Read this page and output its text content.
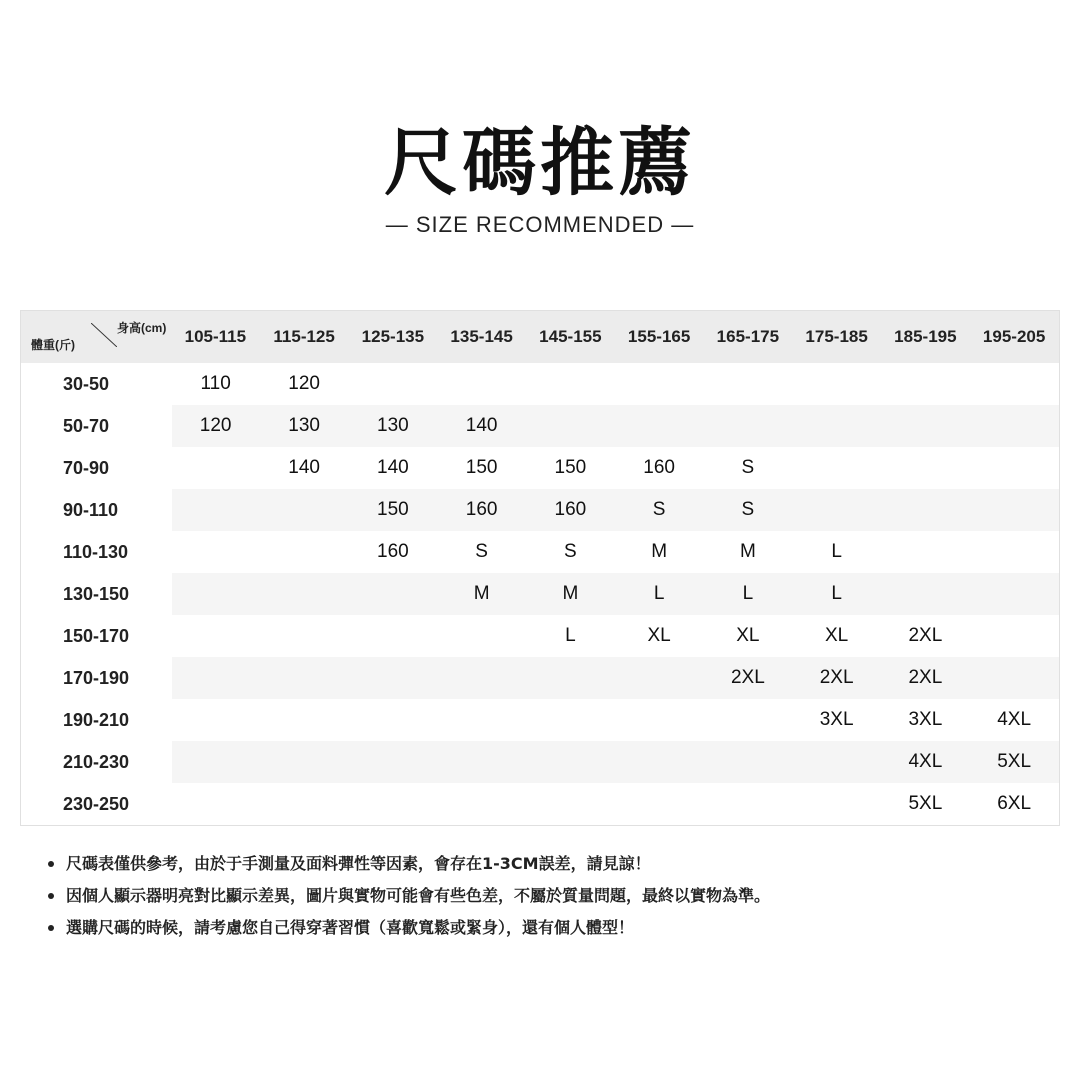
尺碼推薦
— SIZE RECOMMENDED —
體重(斤)
身高(cm)	105-115	115-125	125-135	135-145	145-155	155-165	165-175	175-185	185-195	195-205
30-50	110	120								
50-70	120	130	130	140						
70-90		140	140	150	150	160	S			
90-110			150	160	160	S	S			
110-130			160	S	S	M	M	L		
130-150				M	M	L	L	L		
150-170					L	XL	XL	XL	2XL	
170-190							2XL	2XL	2XL	
190-210								3XL	3XL	4XL
210-230									4XL	5XL
230-250									5XL	6XL
尺碼表僅供參考，由於于手測量及面料彈性等因素，會存在1-3CM誤差，請見諒！
因個人顯示器明亮對比顯示差異，圖片與實物可能會有些色差，不屬於質量問題，最終以實物為準。
選購尺碼的時候，請考慮您自己得穿著習慣（喜歡寬鬆或緊身），還有個人體型！
